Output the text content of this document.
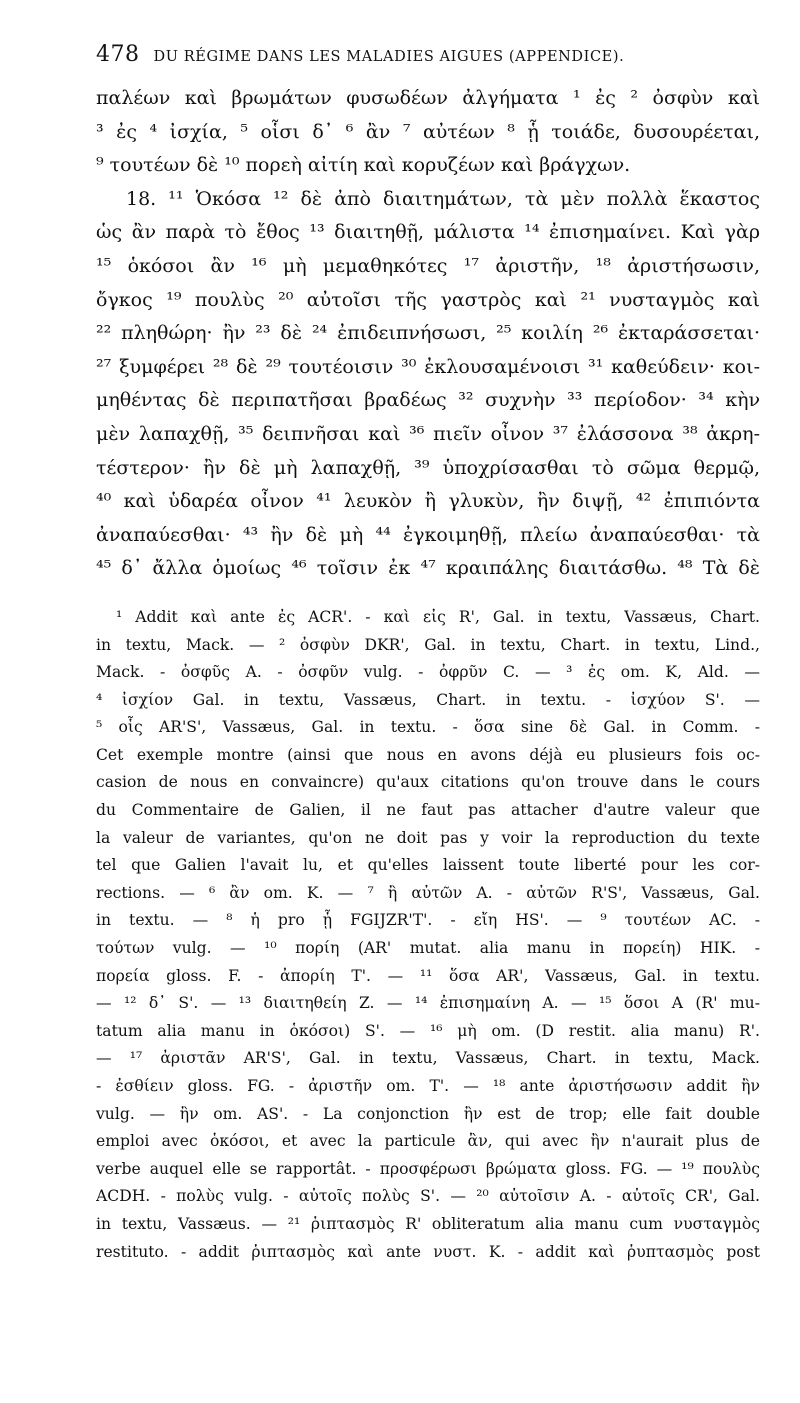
478 DU RÉGIME DANS LES MALADIES AIGUES (APPENDICE).
παλέων καὶ βρωμάτων φυσωδέων ἀλγήματα ¹ ἐς ² ὀσφὺν καὶ
³ ἐς ⁴ ἰσχία, ⁵ οἷσι δ᾽ ⁶ ἂν ⁷ αὐτέων ⁸ ᾗ τοιάδε, δυσουρέεται,
⁹ τουτέων δὲ ¹⁰ πορεὴ αἰτίη καὶ κορυζέων καὶ βράγχων.
18. ¹¹ Ὁκόσα ¹² δὲ ἀπὸ διαιτημάτων, τὰ μὲν πολλὰ ἕκαστος
ὡς ἂν παρὰ τὸ ἔθος ¹³ διαιτηθῇ, μάλιστα ¹⁴ ἐπισημαίνει. Καὶ γὰρ
¹⁵ ὁκόσοι ἂν ¹⁶ μὴ μεμαθηκότες ¹⁷ ἀριστῆν, ¹⁸ ἀριστήσωσιν,
ὄγκος ¹⁹ πουλὺς ²⁰ αὐτοῖσι τῆς γαστρὸς καὶ ²¹ νυσταγμὸς καὶ
²² πληθώρη· ἢν ²³ δὲ ²⁴ ἐπιδειπνήσωσι, ²⁵ κοιλίη ²⁶ ἐκταράσσεται·
²⁷ ξυμφέρει ²⁸ δὲ ²⁹ τουτέοισιν ³⁰ ἐκλουσαμένοισι ³¹ καθεύδειν· κοι-
μηθέντας δὲ περιπατῆσαι βραδέως ³² συχνὴν ³³ περίοδον· ³⁴ κὴν
μὲν λαπαχθῇ, ³⁵ δειπνῆσαι καὶ ³⁶ πιεῖν οἶνον ³⁷ ἐλάσσονα ³⁸ ἀκρη-
τέστερον· ἢν δὲ μὴ λαπαχθῇ, ³⁹ ὑποχρίσασθαι τὸ σῶμα θερμῷ,
⁴⁰ καὶ ὑδαρέα οἶνον ⁴¹ λευκὸν ἢ γλυκὺν, ἢν διψῇ, ⁴² ἐπιπιόντα
ἀναπαύεσθαι· ⁴³ ἢν δὲ μὴ ⁴⁴ ἐγκοιμηθῇ, πλείω ἀναπαύεσθαι· τὰ
⁴⁵ δ᾽ ἄλλα ὁμοίως ⁴⁶ τοῖσιν ἐκ ⁴⁷ κραιπάλης διαιτάσθω. ⁴⁸ Τὰ δὲ
¹ Addit καὶ ante ἐς ACR'. - καὶ εἰς R', Gal. in textu, Vassæus, Chart.
in textu, Mack. — ² ὀσφὺν DKR', Gal. in textu, Chart. in textu, Lind.,
Mack. - ὀσφῦς A. - ὀσφῦν vulg. - ὀφρῦν C. — ³ ἐς om. K, Ald. —
⁴ ἰσχίον Gal. in textu, Vassæus, Chart. in textu. - ἰσχύον S'. —
⁵ οἷς AR'S', Vassæus, Gal. in textu. - ὅσα sine δὲ Gal. in Comm. -
Cet exemple montre (ainsi que nous en avons déjà eu plusieurs fois oc-
casion de nous en convaincre) qu'aux citations qu'on trouve dans le cours
du Commentaire de Galien, il ne faut pas attacher d'autre valeur que
la valeur de variantes, qu'on ne doit pas y voir la reproduction du texte
tel que Galien l'avait lu, et qu'elles laissent toute liberté pour les cor-
rections. — ⁶ ἂν om. K. — ⁷ ἢ αὐτῶν A. - αὐτῶν R'S', Vassæus, Gal.
in textu. — ⁸ ἡ pro ᾗ FGIJZR'T'. - εἴη HS'. — ⁹ τουτέων AC. -
τούτων vulg. — ¹⁰ πορίη (AR' mutat. alia manu in πορείη) HIK. -
πορεία gloss. F. - ἀπορίη T'. — ¹¹ ὅσα AR', Vassæus, Gal. in textu.
— ¹² δ᾽ S'. — ¹³ διαιτηθείη Z. — ¹⁴ ἐπισημαίνη A. — ¹⁵ ὅσοι A (R' mu-
tatum alia manu in ὁκόσοι) S'. — ¹⁶ μὴ om. (D restit. alia manu) R'.
— ¹⁷ ἀριστᾶν AR'S', Gal. in textu, Vassæus, Chart. in textu, Mack.
- ἐσθίειν gloss. FG. - ἀριστῆν om. T'. — ¹⁸ ante ἀριστήσωσιν addit ἢν
vulg. — ἢν om. AS'. - La conjonction ἢν est de trop; elle fait double
emploi avec ὁκόσοι, et avec la particule ἂν, qui avec ἢν n'aurait plus de
verbe auquel elle se rapportât. - προσφέρωσι βρώματα gloss. FG. — ¹⁹ πουλὺς
ACDH. - πολὺς vulg. - αὐτοῖς πολὺς S'. — ²⁰ αὐτοῖσιν A. - αὐτοῖς CR', Gal.
in textu, Vassæus. — ²¹ ῥιπτασμὸς R' obliteratum alia manu cum νυσταγμὸς
restituto. - addit ῥιπτασμὸς καὶ ante νυστ. K. - addit καὶ ῥυπτασμὸς post
